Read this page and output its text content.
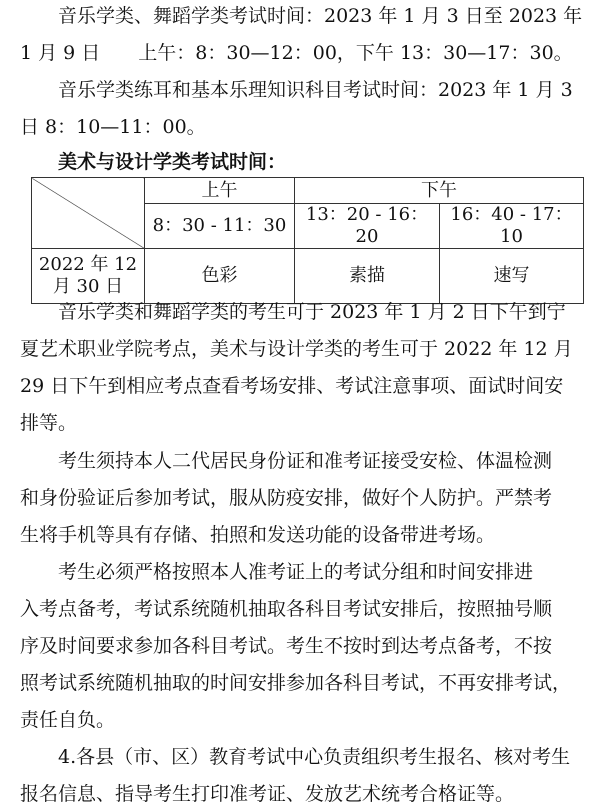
音乐学类、舞蹈学类考试时间：2023 年 1 月 3 日至 2023 年
1 月 9 日　　上午：8：30—12：00，下午 13：30—17：30。
音乐学类练耳和基本乐理知识科目考试时间：2023 年 1 月 3
日 8：10—11：00。
美术与设计学类考试时间：
	上午	下午	
	8：30 - 11：30	13：20 - 16：20	16：40 - 17：10
2022 年 12 月 30 日	色彩	素描	速写
音乐学类和舞蹈学类的考生可于 2023 年 1 月 2 日下午到宁
夏艺术职业学院考点，美术与设计学类的考生可于 2022 年 12 月
29 日下午到相应考点查看考场安排、考试注意事项、面试时间安
排等。
考生须持本人二代居民身份证和准考证接受安检、体温检测
和身份验证后参加考试，服从防疫安排，做好个人防护。严禁考
生将手机等具有存储、拍照和发送功能的设备带进考场。
考生必须严格按照本人准考证上的考试分组和时间安排进
入考点备考，考试系统随机抽取各科目考试安排后，按照抽号顺
序及时间要求参加各科目考试。考生不按时到达考点备考，不按
照考试系统随机抽取的时间安排参加各科目考试，不再安排考试，
责任自负。
4.各县（市、区）教育考试中心负责组织考生报名、核对考生
报名信息、指导考生打印准考证、发放艺术统考合格证等。
